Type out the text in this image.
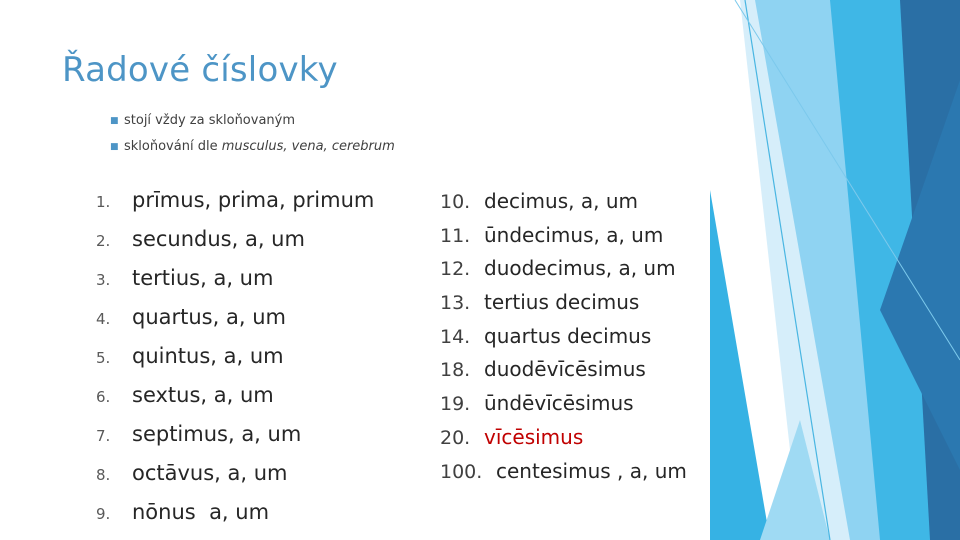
Řadové číslovky
■ stojí vždy za skloňovaným
■ skloňování dle musculus, vena, cerebrum
1. prīmus, prima, primum
2. secundus, a, um
3. tertius, a, um
4. quartus, a, um
5. quintus, a, um
6. sextus, a, um
7. septimus, a, um
8. octāvus, a, um
9. nōnus  a, um
10. decimus, a, um
11. ūndecimus, a, um
12. duodecimus, a, um
13. tertius decimus
14. quartus decimus
18. duodēvīcēsimus
19. ūndēvīcēsimus
20. vīcēsimus
100. centesimus , a, um
